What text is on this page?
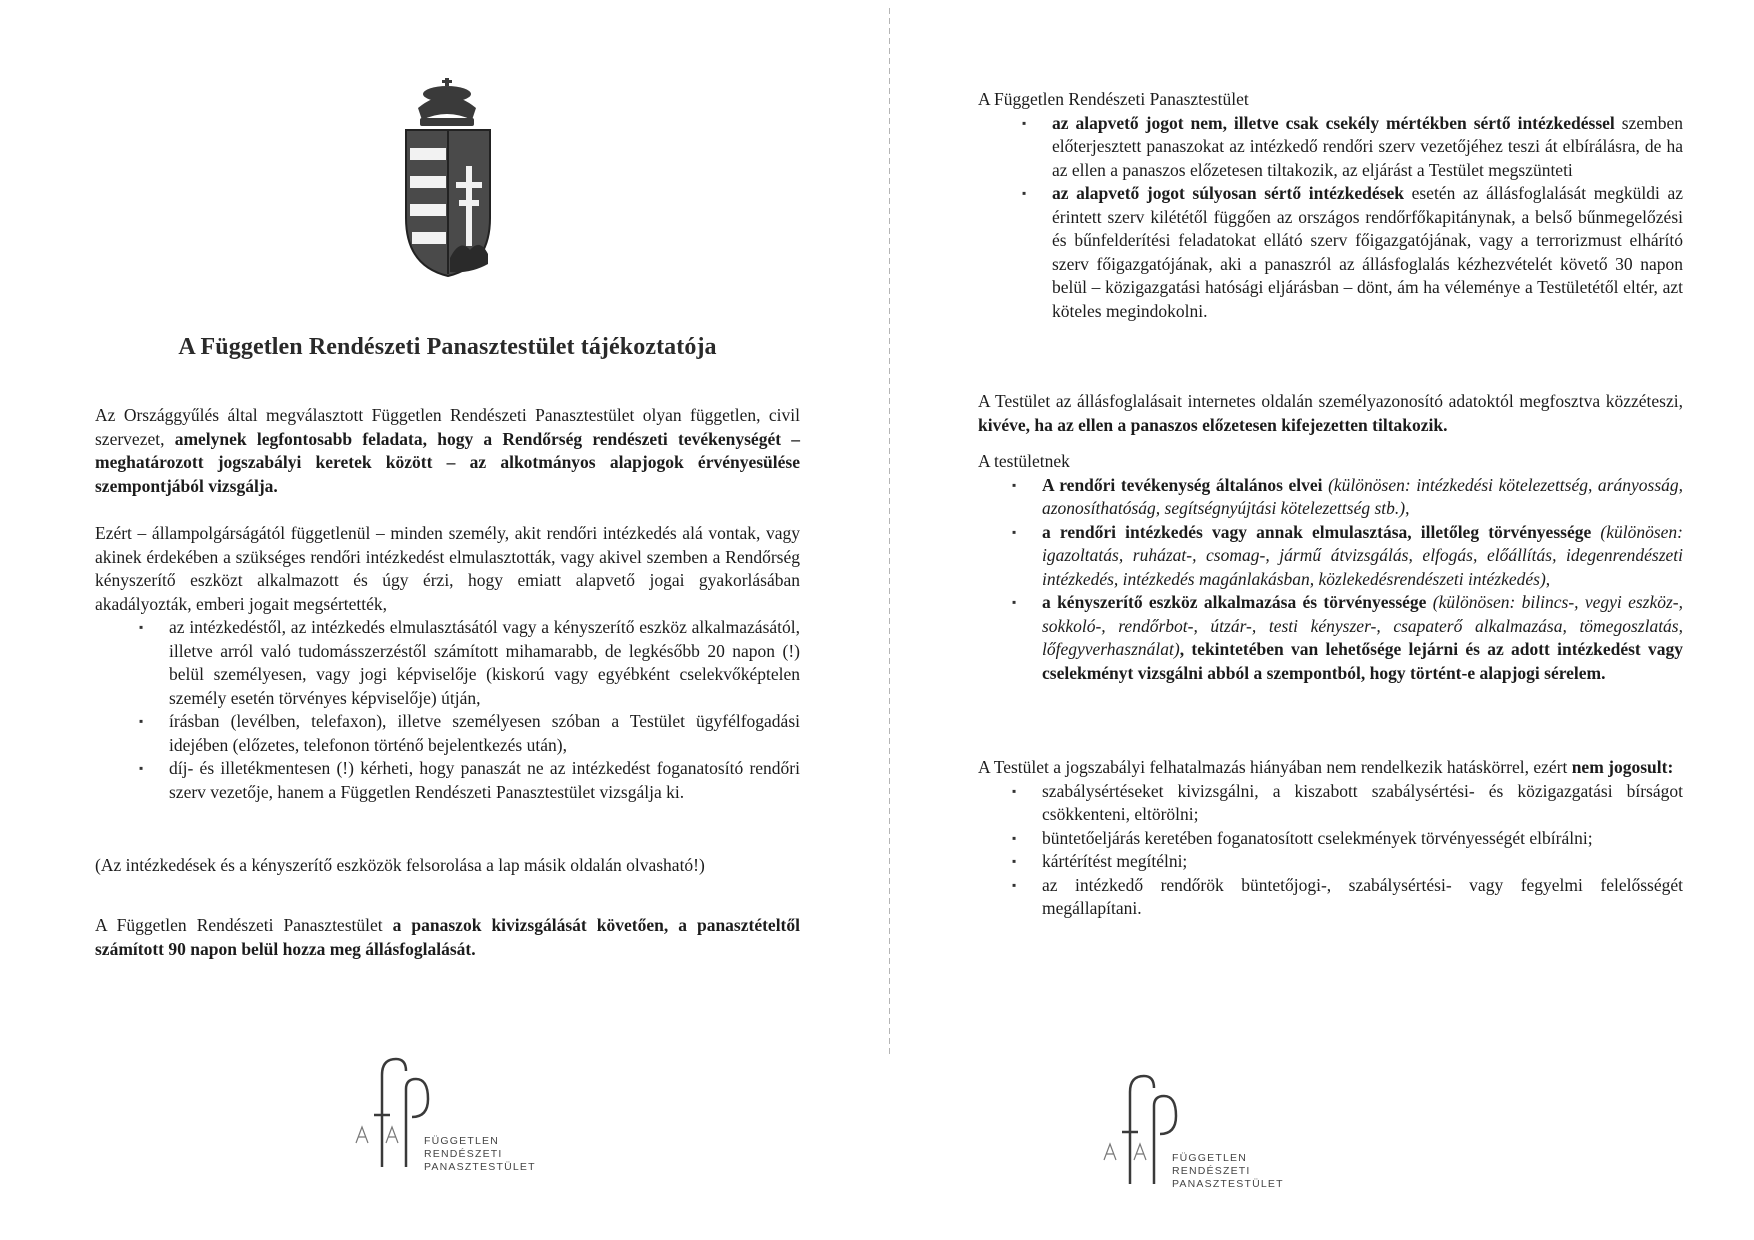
A Független Rendészeti Panasztestület tájékoztatója

Az Országgyűlés által megválasztott Független Rendészeti Panasztestület olyan független, civil szervezet, amelynek legfontosabb feladata, hogy a Rendőrség rendészeti tevékenységét – meghatározott jogszabályi keretek között – az alkotmányos alapjogok érvényesülése szempontjából vizsgálja.

Ezért – állampolgárságától függetlenül – minden személy, akit rendőri intézkedés alá vontak, vagy akinek érdekében a szükséges rendőri intézkedést elmulasztották, vagy akivel szemben a Rendőrség kényszerítő eszközt alkalmazott és úgy érzi, hogy emiatt alapvető jogai gyakorlásában akadályozták, emberi jogait megsértették,

▪ az intézkedéstől, az intézkedés elmulasztásától vagy a kényszerítő eszköz alkalmazásától, illetve arról való tudomásszerzéstől számított mihamarabb, de legkésőbb 20 napon (!) belül személyesen, vagy jogi képviselője (kiskorú vagy egyébként cselekvőképtelen személy esetén törvényes képviselője) útján,
▪ írásban (levélben, telefaxon), illetve személyesen szóban a Testület ügyfélfogadási idejében (előzetes, telefonon történő bejelentkezés után),
▪ díj- és illetékmentesen (!) kérheti, hogy panaszát ne az intézkedést foganatosító rendőri szerv vezetője, hanem a Független Rendészeti Panasztestület vizsgálja ki.

(Az intézkedések és a kényszerítő eszközök felsorolása a lap másik oldalán olvasható!)

A Független Rendészeti Panasztestület a panaszok kivizsgálását követően, a panasztételtől számított 90 napon belül hozza meg állásfoglalását.

FÜGGETLEN
RENDÉSZETI
PANASZTESTÜLET

A Független Rendészeti Panasztestület

▪ az alapvető jogot nem, illetve csak csekély mértékben sértő intézkedéssel szemben előterjesztett panaszokat az intézkedő rendőri szerv vezetőjéhez teszi át elbírálásra, de ha az ellen a panaszos előzetesen tiltakozik, az eljárást a Testület megszünteti
▪ az alapvető jogot súlyosan sértő intézkedések esetén az állásfoglalását megküldi az érintett szerv kilététől függően az országos rendőrfőkapitánynak, a belső bűnmegelőzési és bűnfelderítési feladatokat ellátó szerv főigazgatójának, vagy a terrorizmust elhárító szerv főigazgatójának, aki a panaszról az állásfoglalás kézhezvételét követő 30 napon belül – közigazgatási hatósági eljárásban – dönt, ám ha véleménye a Testületétől eltér, azt köteles megindokolni.

A Testület az állásfoglalásait internetes oldalán személyazonosító adatoktól megfosztva közzéteszi, kivéve, ha az ellen a panaszos előzetesen kifejezetten tiltakozik.

A testületnek

▪ A rendőri tevékenység általános elvei (különösen: intézkedési kötelezettség, arányosság, azonosíthatóság, segítségnyújtási kötelezettség stb.),
▪ a rendőri intézkedés vagy annak elmulasztása, illetőleg törvényessége (különösen: igazoltatás, ruházat-, csomag-, jármű átvizsgálás, elfogás, előállítás, idegenrendészeti intézkedés, intézkedés magánlakásban, közlekedésrendészeti intézkedés),
▪ a kényszerítő eszköz alkalmazása és törvényessége (különösen: bilincs-, vegyi eszköz-, sokkoló-, rendőrbot-, útzár-, testi kényszer-, csapaterő alkalmazása, tömegoszlatás, lőfegyverhasználat), tekintetében van lehetősége lejárni és az adott intézkedést vagy cselekményt vizsgálni abból a szempontból, hogy történt-e alapjogi sérelem.

A Testület a jogszabályi felhatalmazás hiányában nem rendelkezik hatáskörrel, ezért nem jogosult:

▪ szabálysértéseket kivizsgálni, a kiszabott szabálysértési- és közigazgatási bírságot csökkenteni, eltörölni;
▪ büntetőeljárás keretében foganatosított cselekmények törvényességét elbírálni;
▪ kártérítést megítélni;
▪ az intézkedő rendőrök büntetőjogi-, szabálysértési- vagy fegyelmi felelősségét megállapítani.
FÜGGETLEN
RENDÉSZETI
PANASZTESTÜLET
